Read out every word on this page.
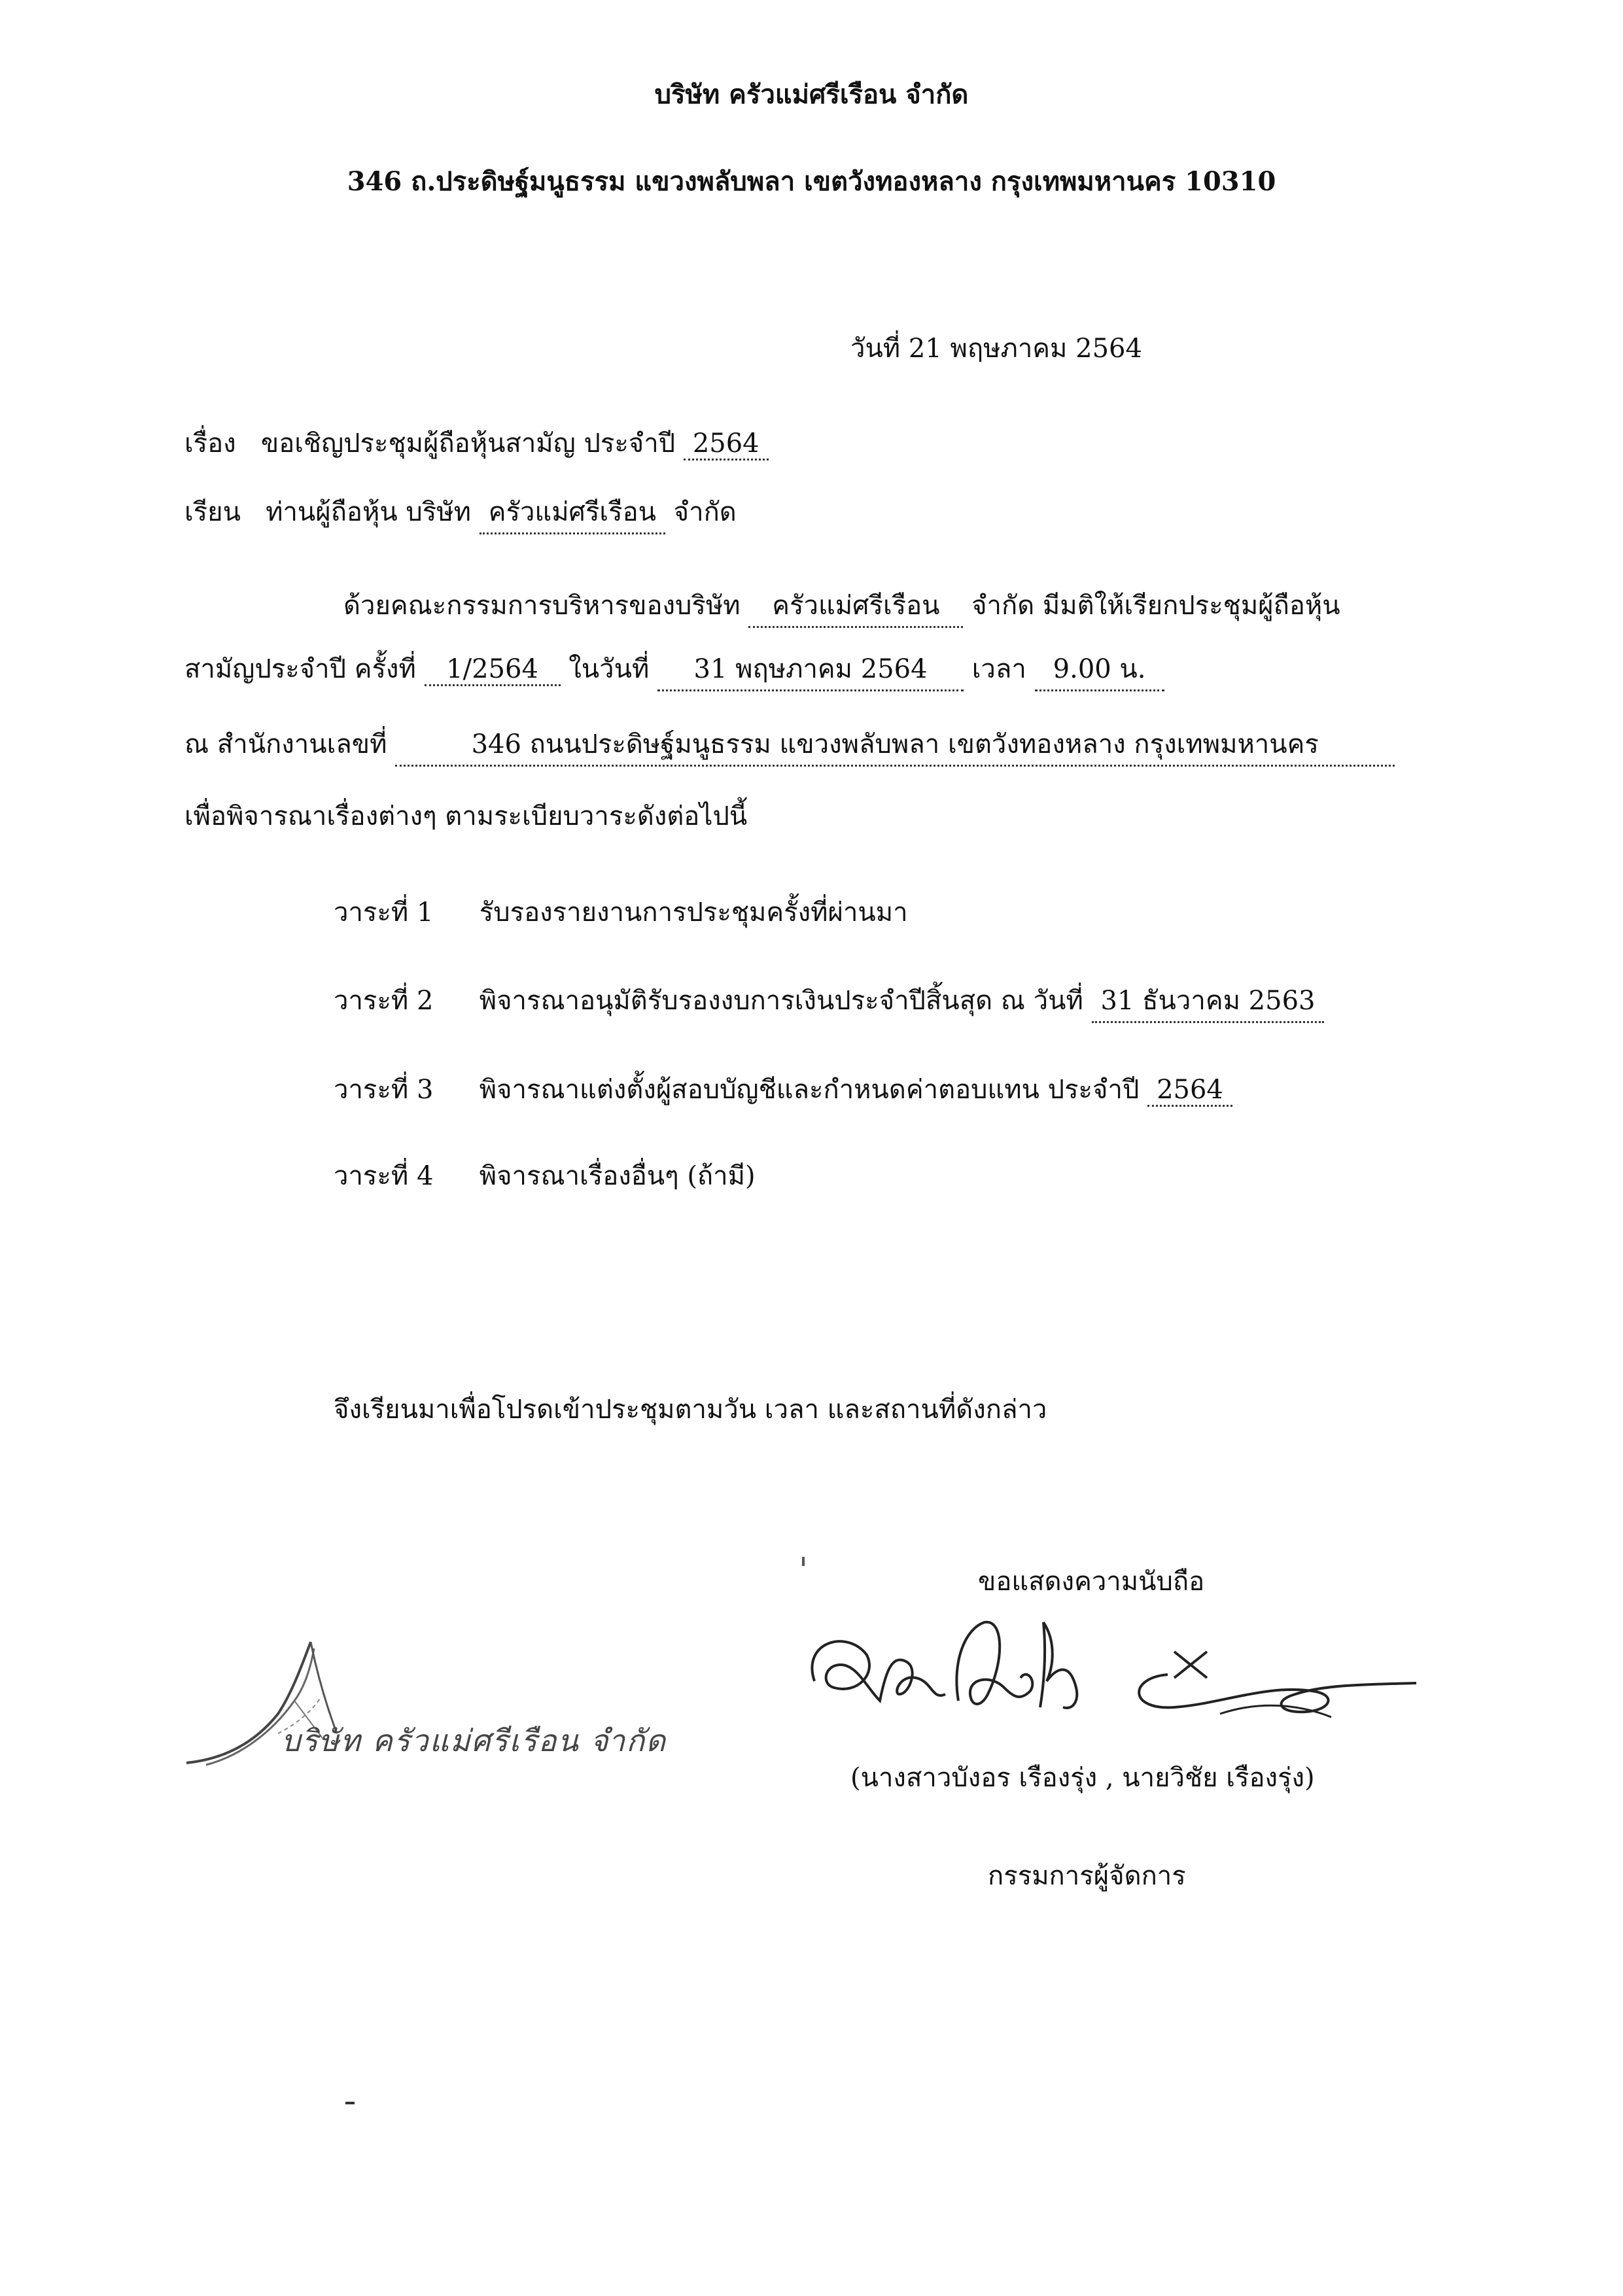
บริษัท ครัวแม่ศรีเรือน จำกัด
346 ถ.ประดิษฐ์มนูธรรม แขวงพลับพลา เขตวังทองหลาง กรุงเทพมหานคร 10310
วันที่ 21 พฤษภาคม 2564
เรื่อง ขอเชิญประชุมผู้ถือหุ้นสามัญ ประจำปี 2564
เรียน ท่านผู้ถือหุ้น บริษัท ครัวแม่ศรีเรือน จำกัด
ด้วยคณะกรรมการบริหารของบริษัท ครัวแม่ศรีเรือน จำกัด มีมติให้เรียกประชุมผู้ถือหุ้น
สามัญประจำปี ครั้งที่ 1/2564 ในวันที่ 31 พฤษภาคม 2564 เวลา 9.00 น.
ณ สำนักงานเลขที่	346 ถนนประดิษฐ์มนูธรรม แขวงพลับพลา เขตวังทองหลาง กรุงเทพมหานคร
เพื่อพิจารณาเรื่องต่างๆ ตามระเบียบวาระดังต่อไปนี้
วาระที่ 1 รับรองรายงานการประชุมครั้งที่ผ่านมา
วาระที่ 2 พิจารณาอนุมัติรับรองงบการเงินประจำปีสิ้นสุด ณ วันที่ 31 ธันวาคม 2563
วาระที่ 3 พิจารณาแต่งตั้งผู้สอบบัญชีและกำหนดค่าตอบแทน ประจำปี 2564
วาระที่ 4 พิจารณาเรื่องอื่นๆ (ถ้ามี)
จึงเรียนมาเพื่อโปรดเข้าประชุมตามวัน เวลา และสถานที่ดังกล่าว
ขอแสดงความนับถือ
บริษัท ครัวแม่ศรีเรือน จำกัด
(นางสาวบังอร เรืองรุ่ง , นายวิชัย เรืองรุ่ง)
กรรมการผู้จัดการ
